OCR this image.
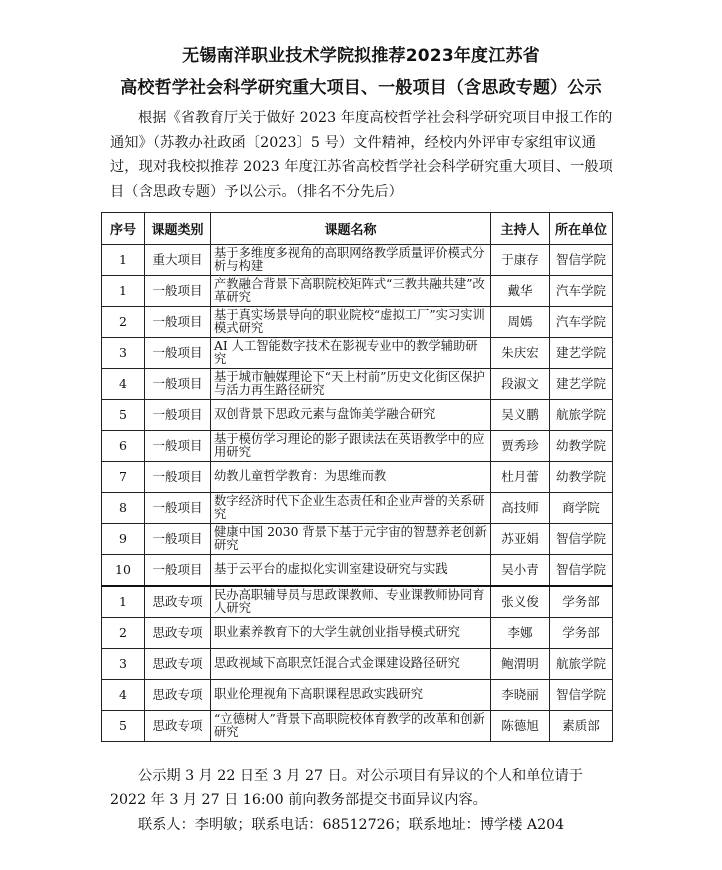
无锡南洋职业技术学院拟推荐2023年度江苏省
高校哲学社会科学研究重大项目、一般项目（含思政专题）公示
根据《省教育厅关于做好 2023 年度高校哲学社会科学研究项目申报工作的通知》（苏教办社政函〔2023〕5 号）文件精神，经校内外评审专家组审议通过，现对我校拟推荐 2023 年度江苏省高校哲学社会科学研究重大项目、一般项目（含思政专题）予以公示。（排名不分先后）
序号	课题类别	课题名称	主持人	所在单位
1	重大项目	基于多维度多视角的高职网络教学质量评价模式分析与构建	于康存	智信学院
1	一般项目	产教融合背景下高职院校矩阵式“三教共融共建”改革研究	戴华	汽车学院
2	一般项目	基于真实场景导向的职业院校“虚拟工厂”实习实训模式研究	周嫣	汽车学院
3	一般项目	AI 人工智能数字技术在影视专业中的教学辅助研究	朱庆宏	建艺学院
4	一般项目	基于城市触媒理论下“天上村前”历史文化街区保护与活力再生路径研究	段淑文	建艺学院
5	一般项目	双创背景下思政元素与盘饰美学融合研究	吴义鹏	航旅学院
6	一般项目	基于模仿学习理论的影子跟读法在英语教学中的应用研究	贾秀珍	幼教学院
7	一般项目	幼教儿童哲学教育：为思维而教	杜月蕾	幼教学院
8	一般项目	数字经济时代下企业生态责任和企业声誉的关系研究	高技师	商学院
9	一般项目	健康中国 2030 背景下基于元宇宙的智慧养老创新研究	苏亚娟	智信学院
10	一般项目	基于云平台的虚拟化实训室建设研究与实践	吴小青	智信学院
1	思政专项	民办高职辅导员与思政课教师、专业课教师协同育人研究	张义俊	学务部
2	思政专项	职业素养教育下的大学生就创业指导模式研究	李娜	学务部
3	思政专项	思政视域下高职烹饪混合式金课建设路径研究	鲍渭明	航旅学院
4	思政专项	职业伦理视角下高职课程思政实践研究	李晓丽	智信学院
5	思政专项	“立德树人”背景下高职院校体育教学的改革和创新研究	陈德旭	素质部
公示期 3 月 22 日至 3 月 27 日。对公示项目有异议的个人和单位请于 2022 年 3 月 27 日 16:00 前向教务部提交书面异议内容。
联系人：李明敏；联系电话：68512726；联系地址：博学楼 A204
